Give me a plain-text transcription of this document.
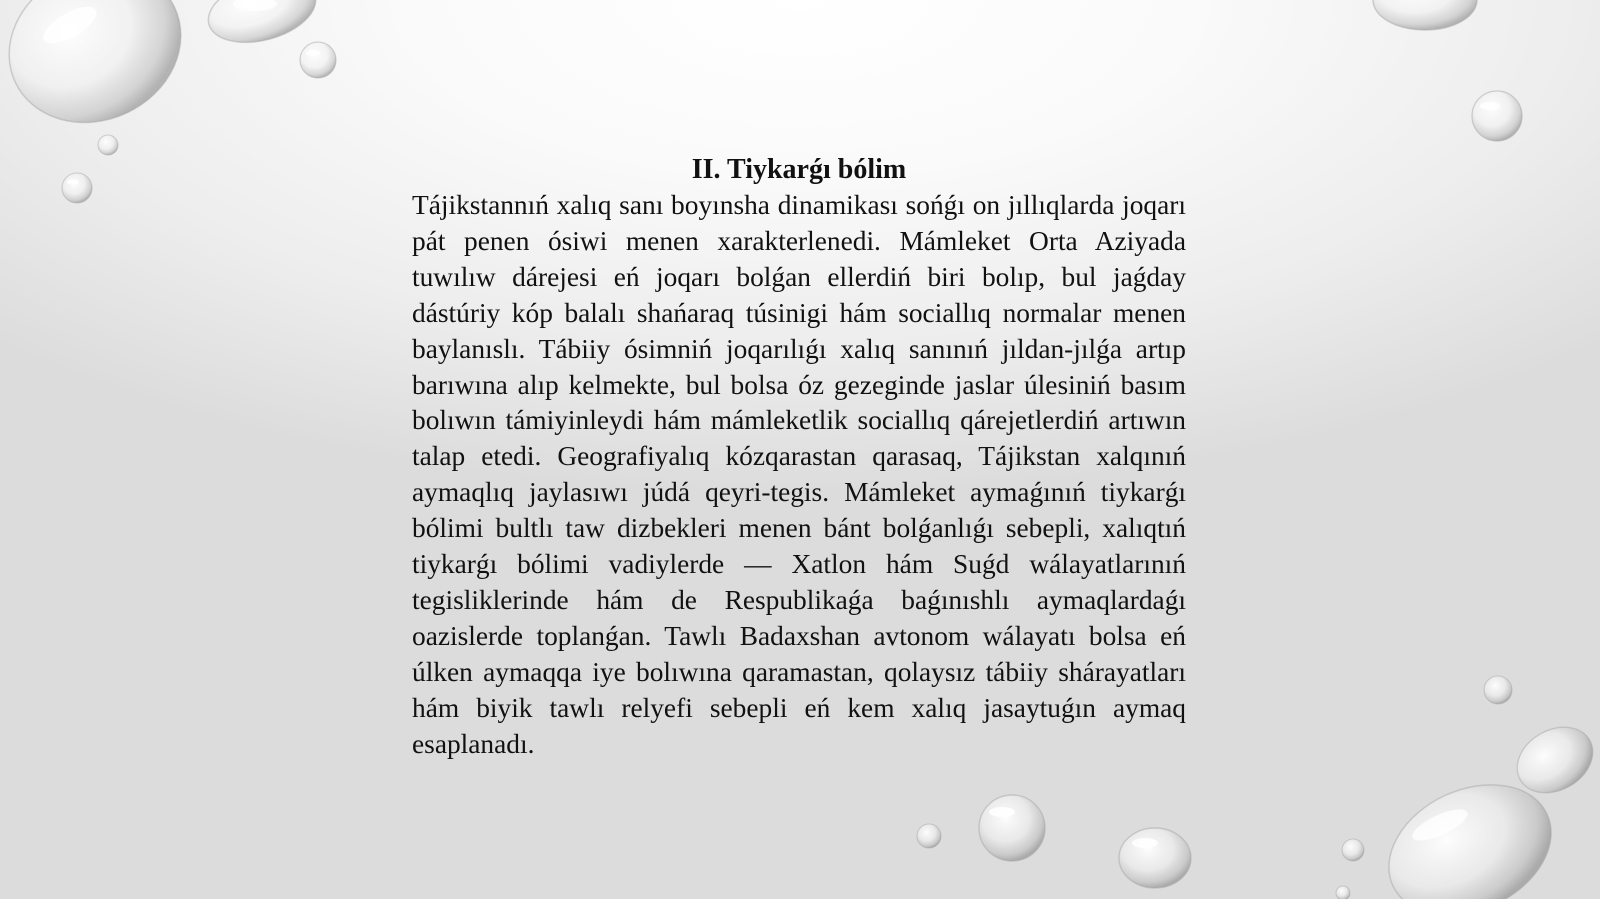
II. Tiykarǵı bólim

Tájikstannıń xalıq sanı boyınsha dinamikası sońǵı on jıllıqlarda joqarı pát penen ósiwi menen xarakterlenedi. Mámleket Orta Aziyada tuwılıw dárejesi eń joqarı bolǵan ellerdiń biri bolıp, bul jaǵday dástúriy kóp balalı shańaraq túsinigi hám sociallıq normalar menen baylanıslı. Tábiiy ósimniń joqarılıǵı xalıq sanınıń jıldan-jılǵa artıp barıwına alıp kelmekte, bul bolsa óz gezeginde jaslar úlesiniń basım bolıwın támiyinleydi hám mámleketlik sociallıq qárejetlerdiń artıwın talap etedi. Geografiyalıq kózqarastan qarasaq, Tájikstan xalqınıń aymaqlıq jaylasıwı júdá qeyri-tegis. Mámleket aymaǵınıń tiykarǵı bólimi bultlı taw dizbekleri menen bánt bolǵanlıǵı sebepli, xalıqtıń tiykarǵı bólimi vadiylerde — Xatlon hám Suǵd wálayatlarınıń tegisliklerinde hám de Respublikaǵa baǵınıshlı aymaqlardaǵı oazislerde toplanǵan. Tawlı Badaxshan avtonom wálayatı bolsa eń úlken aymaqqa iye bolıwına qaramastan, qolaysız tábiiy shárayatları hám biyik tawlı relyefi sebepli eń kem xalıq jasaytuǵın aymaq esaplanadı.
